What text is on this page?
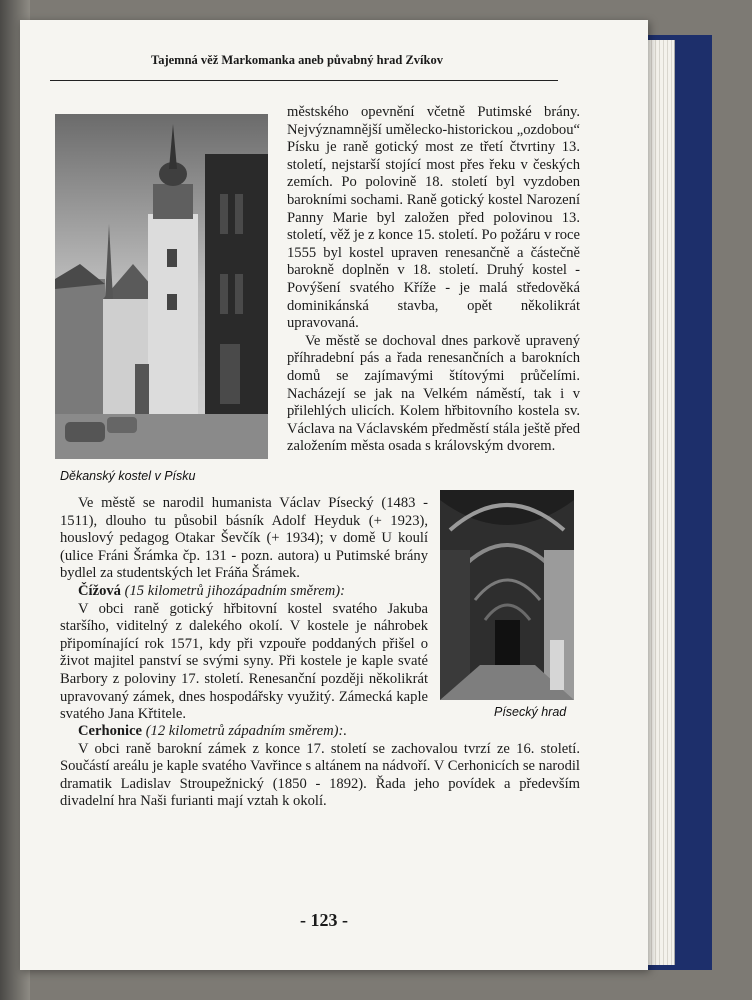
Tajemná věž Markomanka aneb půvabný hrad Zvíkov
Děkanský kostel v Písku

městského opevnění včetně Putimské brány. Nejvýznamnější umělecko-historickou „ozdobou“ Písku je raně gotický most ze třetí čtvrtiny 13. století, nejstarší stojící most přes řeku v českých zemích. Po polovině 18. století byl vyzdoben barokními sochami. Raně gotický kostel Narození Panny Marie byl založen před polovinou 13. století, věž je z konce 15. století. Po požáru v roce 1555 byl kostel upraven renesančně a částečně barokně doplněn v 18. století. Druhý kostel - Povýšení svatého Kříže - je malá středověká dominikánská stavba, opět několikrát upravovaná.

Ve městě se dochoval dnes parkově upravený příhradební pás a řada renesančních a barokních domů se zajímavými štítovými průčelími. Nacházejí se jak na Velkém náměstí, tak i v přilehlých ulicích. Kolem hřbitovního kostela sv. Václava na Václavském předměstí stála ještě před založením města osada s královským dvorem.

Písecký hrad

Ve městě se narodil humanista Václav Písecký (1483 - 1511), dlouho tu působil básník Adolf Heyduk (+ 1923), houslový pedagog Otakar Ševčík (+ 1934); v domě U koulí (ulice Fráni Šrámka čp. 131 - pozn. autora) u Putimské brány bydlel za studentských let Fráňa Šrámek.

Čížová (15 kilometrů jihozápadním směrem):

V obci raně gotický hřbitovní kostel svatého Jakuba staršího, viditelný z dalekého okolí. V kostele je náhrobek připomínající rok 1571, kdy při vzpouře poddaných přišel o život majitel panství se svými syny. Při kostele je kaple svaté Barbory z poloviny 17. století. Renesanční později několikrát upravovaný zámek, dnes hospodářsky využitý. Zámecká kaple svatého Jana Křtitele.

Cerhonice (12 kilometrů západním směrem):.

V obci raně barokní zámek z konce 17. století se zachovalou tvrzí ze 16. století. Součástí areálu je kaple svatého Vavřince s altánem na nádvoří. V Cerhonicích se narodil dramatik Ladislav Stroupežnický (1850 - 1892). Řada jeho povídek a především divadelní hra Naši furianti mají vztah k okolí.

- 123 -
